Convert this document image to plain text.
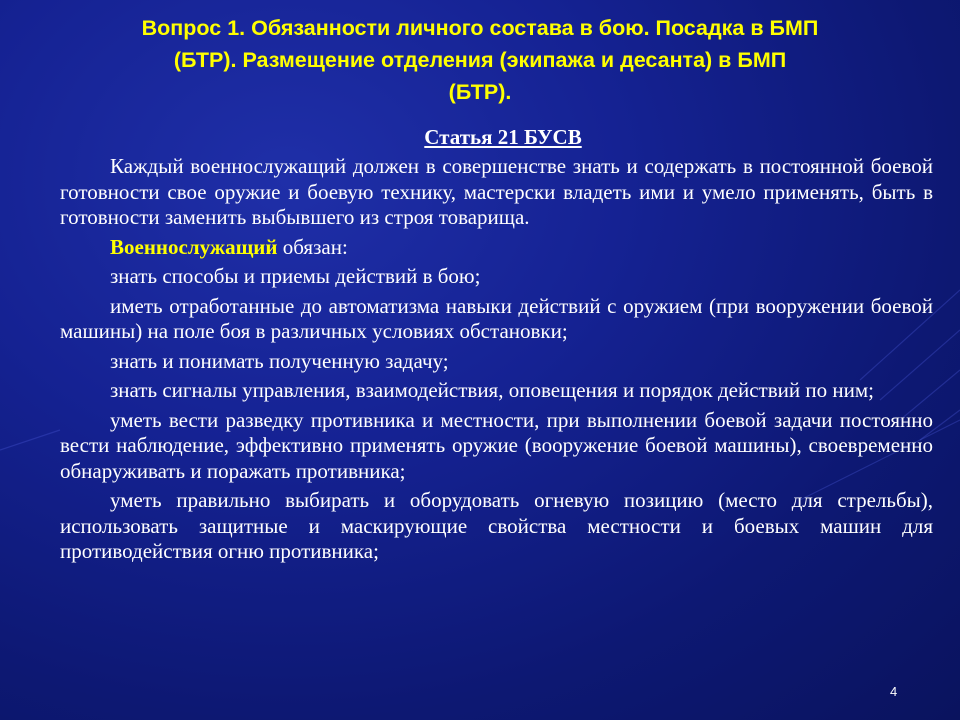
Вопрос 1. Обязанности личного состава в бою. Посадка в БМП
(БТР). Размещение отделения (экипажа и десанта) в БМП
(БТР).
Статья 21 БУСВ

Каждый военнослужащий должен в совершенстве знать и содержать в постоянной боевой готовности свое оружие и боевую технику, мастерски владеть ими и умело применять, быть в готовности заменить выбывшего из строя товарища.

Военнослужащий обязан:

знать способы и приемы действий в бою;

иметь отработанные до автоматизма навыки действий с оружием (при вооружении боевой машины) на поле боя в различных условиях обстановки;

знать и понимать полученную задачу;

знать сигналы управления, взаимодействия, оповещения и порядок действий по ним;

уметь вести разведку противника и местности, при выполнении боевой задачи постоянно вести наблюдение, эффективно применять оружие (вооружение боевой машины), своевременно обнаруживать и поражать противника;

уметь правильно выбирать и оборудовать огневую позицию (место для стрельбы), использовать защитные и маскирующие свойства местности и боевых машин для противодействия огню противника;

4
